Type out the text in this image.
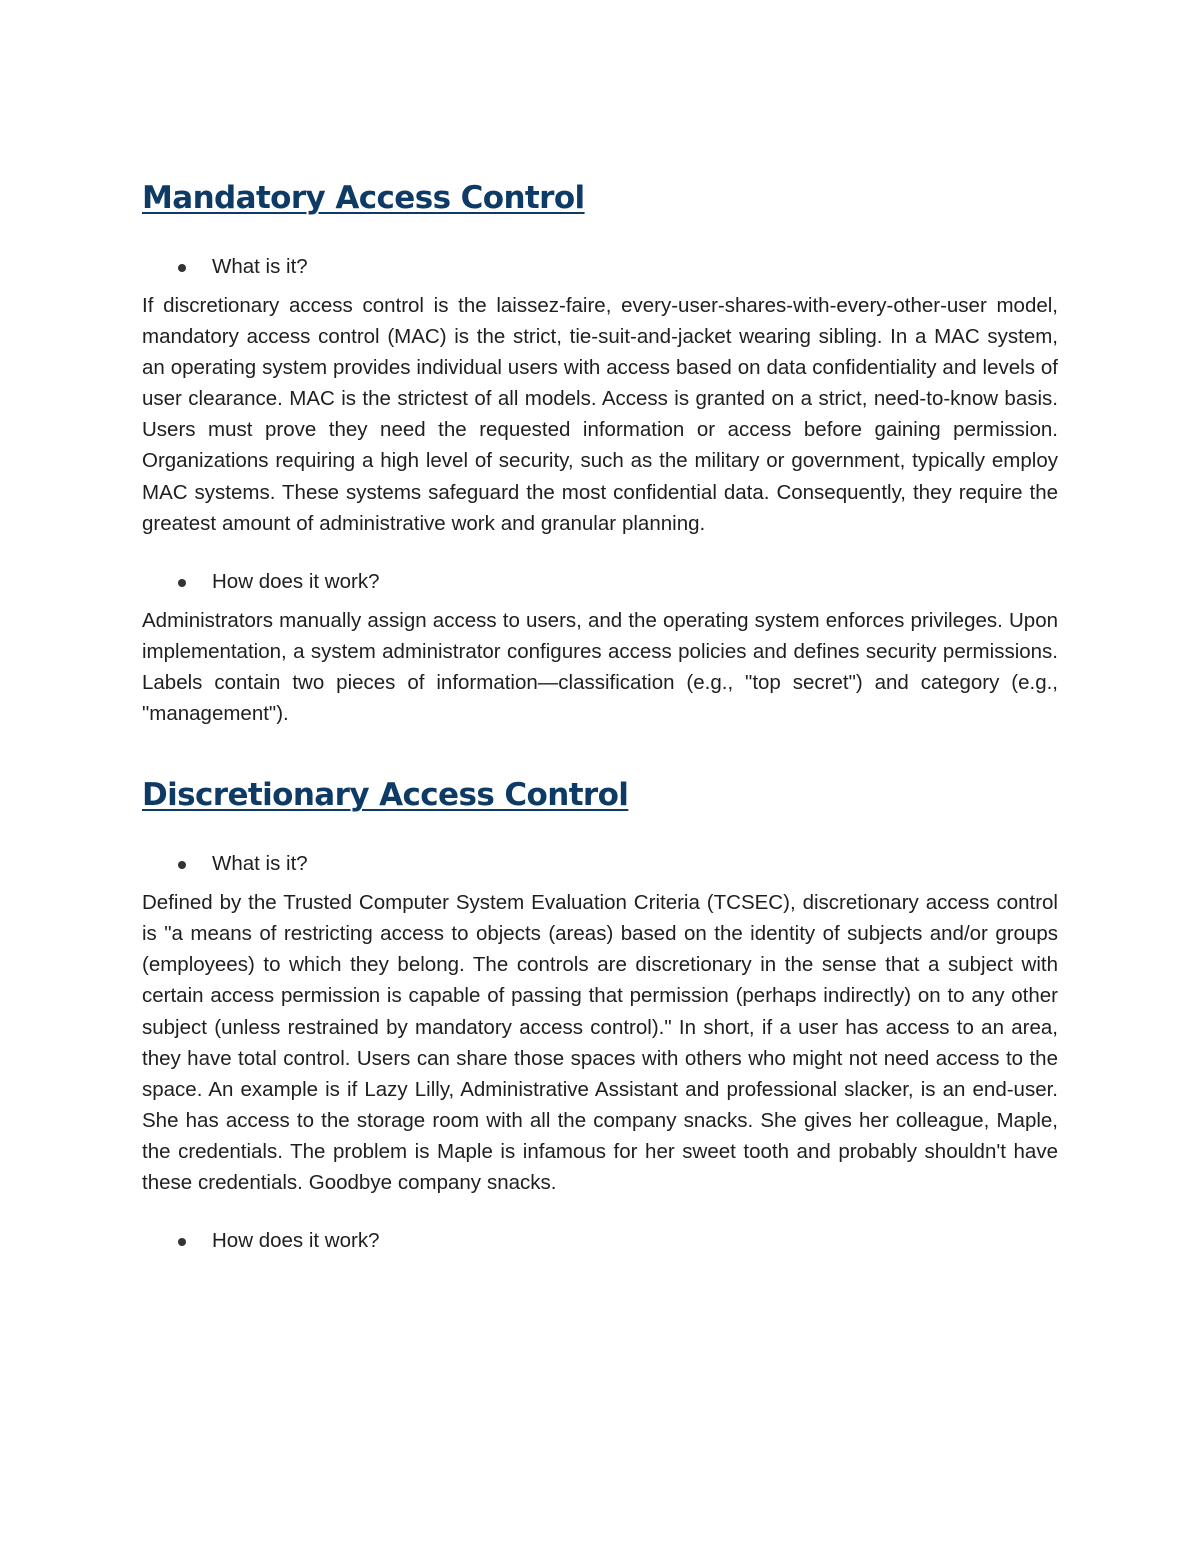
Mandatory Access Control

What is it?

If discretionary access control is the laissez-faire, every-user-shares-with-every-other-user model, mandatory access control (MAC) is the strict, tie-suit-and-jacket wearing sibling. In a MAC system, an operating system provides individual users with access based on data confidentiality and levels of user clearance. MAC is the strictest of all models. Access is granted on a strict, need-to-know basis. Users must prove they need the requested information or access before gaining permission. Organizations requiring a high level of security, such as the military or government, typically employ MAC systems. These systems safeguard the most confidential data. Consequently, they require the greatest amount of administrative work and granular planning.

How does it work?

Administrators manually assign access to users, and the operating system enforces privileges. Upon implementation, a system administrator configures access policies and defines security permissions. Labels contain two pieces of information—classification (e.g., "top secret") and category (e.g., "management").

Discretionary Access Control

What is it?

Defined by the Trusted Computer System Evaluation Criteria (TCSEC), discretionary access control is "a means of restricting access to objects (areas) based on the identity of subjects and/or groups (employees) to which they belong. The controls are discretionary in the sense that a subject with certain access permission is capable of passing that permission (perhaps indirectly) on to any other subject (unless restrained by mandatory access control)." In short, if a user has access to an area, they have total control. Users can share those spaces with others who might not need access to the space. An example is if Lazy Lilly, Administrative Assistant and professional slacker, is an end-user. She has access to the storage room with all the company snacks. She gives her colleague, Maple, the credentials. The problem is Maple is infamous for her sweet tooth and probably shouldn't have these credentials. Goodbye company snacks.

How does it work?
